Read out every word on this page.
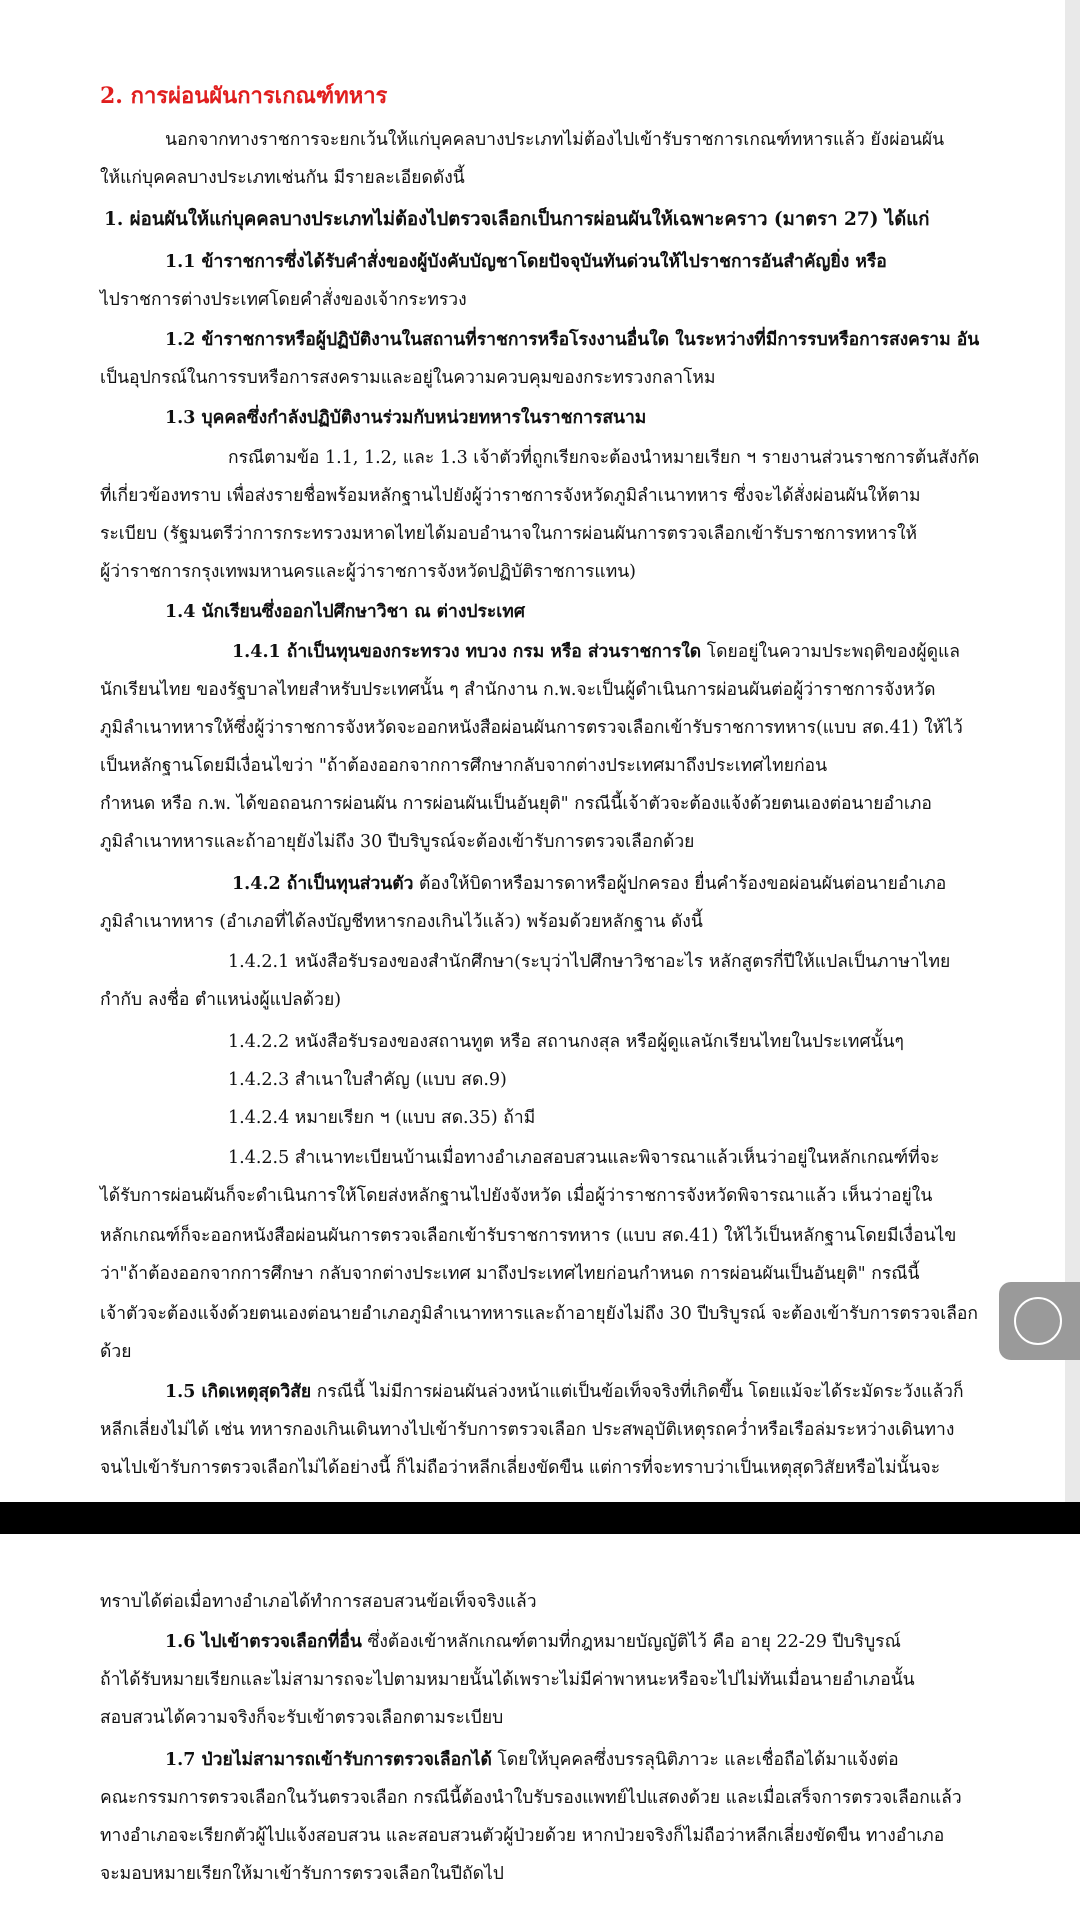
2. การผ่อนผันการเกณฑ์ทหาร
นอกจากทางราชการจะยกเว้นให้แก่บุคคลบางประเภทไม่ต้องไปเข้ารับราชการเกณฑ์ทหารแล้ว ยังผ่อนผัน
ให้แก่บุคคลบางประเภทเช่นกัน มีรายละเอียดดังนี้
1. ผ่อนผันให้แก่บุคคลบางประเภทไม่ต้องไปตรวจเลือกเป็นการผ่อนผันให้เฉพาะคราว (มาตรา 27) ได้แก่
1.1 ข้าราชการซึ่งได้รับคำสั่งของผู้บังคับบัญชาโดยปัจจุบันทันด่วนให้ไปราชการอันสำคัญยิ่ง หรือ
ไปราชการต่างประเทศโดยคำสั่งของเจ้ากระทรวง
1.2 ข้าราชการหรือผู้ปฏิบัติงานในสถานที่ราชการหรือโรงงานอื่นใด ในระหว่างที่มีการรบหรือการสงคราม อัน
เป็นอุปกรณ์ในการรบหรือการสงครามและอยู่ในความควบคุมของกระทรวงกลาโหม
1.3 บุคคลซึ่งกำลังปฏิบัติงานร่วมกับหน่วยทหารในราชการสนาม
กรณีตามข้อ 1.1, 1.2, และ 1.3 เจ้าตัวที่ถูกเรียกจะต้องนำหมายเรียก ฯ รายงานส่วนราชการต้นสังกัด
ที่เกี่ยวข้องทราบ เพื่อส่งรายชื่อพร้อมหลักฐานไปยังผู้ว่าราชการจังหวัดภูมิลำเนาทหาร ซึ่งจะได้สั่งผ่อนผันให้ตาม
ระเบียบ (รัฐมนตรีว่าการกระทรวงมหาดไทยได้มอบอำนาจในการผ่อนผันการตรวจเลือกเข้ารับราชการทหารให้
ผู้ว่าราชการกรุงเทพมหานครและผู้ว่าราชการจังหวัดปฏิบัติราชการแทน)
1.4 นักเรียนซึ่งออกไปศึกษาวิชา ณ ต่างประเทศ
1.4.1 ถ้าเป็นทุนของกระทรวง ทบวง กรม หรือ ส่วนราชการใด โดยอยู่ในความประพฤติของผู้ดูแล
นักเรียนไทย ของรัฐบาลไทยสำหรับประเทศนั้น ๆ สำนักงาน ก.พ.จะเป็นผู้ดำเนินการผ่อนผันต่อผู้ว่าราชการจังหวัด
ภูมิลำเนาทหารให้ซึ่งผู้ว่าราชการจังหวัดจะออกหนังสือผ่อนผันการตรวจเลือกเข้ารับราชการทหาร(แบบ สด.41) ให้ไว้
เป็นหลักฐานโดยมีเงื่อนไขว่า "ถ้าต้องออกจากการศึกษากลับจากต่างประเทศมาถึงประเทศไทยก่อน
กำหนด หรือ ก.พ. ได้ขอถอนการผ่อนผัน การผ่อนผันเป็นอันยุติ" กรณีนี้เจ้าตัวจะต้องแจ้งด้วยตนเองต่อนายอำเภอ
ภูมิลำเนาทหารและถ้าอายุยังไม่ถึง 30 ปีบริบูรณ์จะต้องเข้ารับการตรวจเลือกด้วย
1.4.2 ถ้าเป็นทุนส่วนตัว ต้องให้บิดาหรือมารดาหรือผู้ปกครอง ยื่นคำร้องขอผ่อนผันต่อนายอำเภอ
ภูมิลำเนาทหาร (อำเภอที่ได้ลงบัญชีทหารกองเกินไว้แล้ว) พร้อมด้วยหลักฐาน ดังนี้
1.4.2.1 หนังสือรับรองของสำนักศึกษา(ระบุว่าไปศึกษาวิชาอะไร หลักสูตรกี่ปีให้แปลเป็นภาษาไทย
กำกับ ลงชื่อ ตำแหน่งผู้แปลด้วย)
1.4.2.2 หนังสือรับรองของสถานทูต หรือ สถานกงสุล หรือผู้ดูแลนักเรียนไทยในประเทศนั้นๆ
1.4.2.3 สำเนาใบสำคัญ (แบบ สด.9)
1.4.2.4 หมายเรียก ฯ (แบบ สด.35) ถ้ามี
1.4.2.5 สำเนาทะเบียนบ้านเมื่อทางอำเภอสอบสวนและพิจารณาแล้วเห็นว่าอยู่ในหลักเกณฑ์ที่จะ
ได้รับการผ่อนผันก็จะดำเนินการให้โดยส่งหลักฐานไปยังจังหวัด เมื่อผู้ว่าราชการจังหวัดพิจารณาแล้ว เห็นว่าอยู่ใน
หลักเกณฑ์ก็จะออกหนังสือผ่อนผันการตรวจเลือกเข้ารับราชการทหาร (แบบ สด.41) ให้ไว้เป็นหลักฐานโดยมีเงื่อนไข
ว่า"ถ้าต้องออกจากการศึกษา กลับจากต่างประเทศ มาถึงประเทศไทยก่อนกำหนด การผ่อนผันเป็นอันยุติ" กรณีนี้
เจ้าตัวจะต้องแจ้งด้วยตนเองต่อนายอำเภอภูมิลำเนาทหารและถ้าอายุยังไม่ถึง 30 ปีบริบูรณ์ จะต้องเข้ารับการตรวจเลือก
ด้วย
1.5 เกิดเหตุสุดวิสัย กรณีนี้ ไม่มีการผ่อนผันล่วงหน้าแต่เป็นข้อเท็จจริงที่เกิดขึ้น โดยแม้จะได้ระมัดระวังแล้วก็
หลีกเลี่ยงไม่ได้ เช่น ทหารกองเกินเดินทางไปเข้ารับการตรวจเลือก ประสพอุบัติเหตุรถคว่ำหรือเรือล่มระหว่างเดินทาง
จนไปเข้ารับการตรวจเลือกไม่ได้อย่างนี้ ก็ไม่ถือว่าหลีกเลี่ยงขัดขืน แต่การที่จะทราบว่าเป็นเหตุสุดวิสัยหรือไม่นั้นจะ
ทราบได้ต่อเมื่อทางอำเภอได้ทำการสอบสวนข้อเท็จจริงแล้ว
1.6 ไปเข้าตรวจเลือกที่อื่น ซึ่งต้องเข้าหลักเกณฑ์ตามที่กฎหมายบัญญัติไว้ คือ อายุ 22-29 ปีบริบูรณ์
ถ้าได้รับหมายเรียกและไม่สามารถจะไปตามหมายนั้นได้เพราะไม่มีค่าพาหนะหรือจะไปไม่ทันเมื่อนายอำเภอนั้น
สอบสวนได้ความจริงก็จะรับเข้าตรวจเลือกตามระเบียบ
1.7 ป่วยไม่สามารถเข้ารับการตรวจเลือกได้ โดยให้บุคคลซึ่งบรรลุนิติภาวะ และเชื่อถือได้มาแจ้งต่อ
คณะกรรมการตรวจเลือกในวันตรวจเลือก กรณีนี้ต้องนำใบรับรองแพทย์ไปแสดงด้วย และเมื่อเสร็จการตรวจเลือกแล้ว
ทางอำเภอจะเรียกตัวผู้ไปแจ้งสอบสวน และสอบสวนตัวผู้ป่วยด้วย หากป่วยจริงก็ไม่ถือว่าหลีกเลี่ยงขัดขืน ทางอำเภอ
จะมอบหมายเรียกให้มาเข้ารับการตรวจเลือกในปีถัดไป
